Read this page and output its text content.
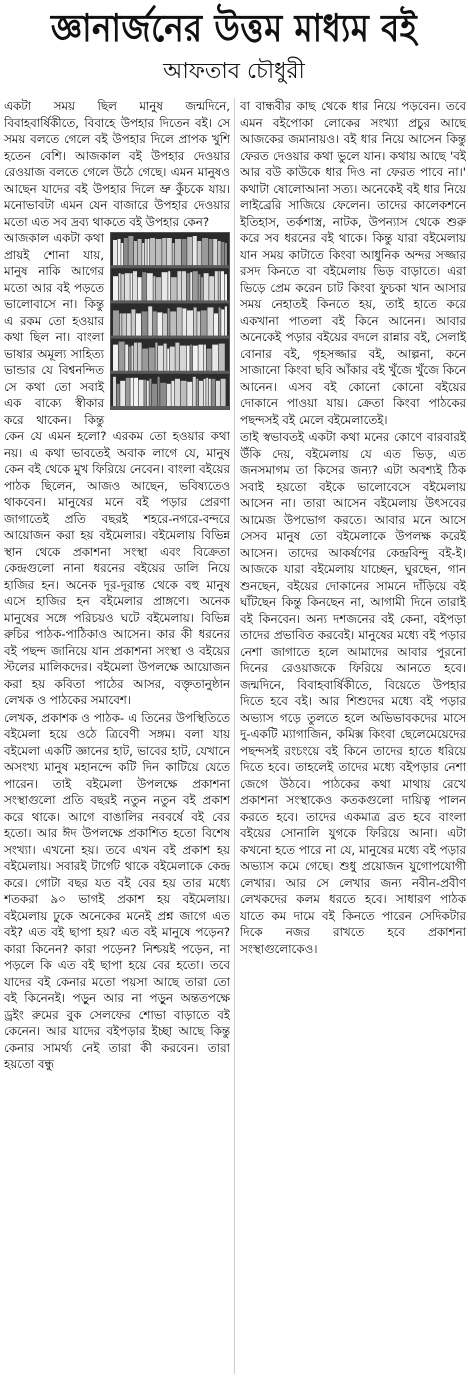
জ্ঞানার্জনের উত্তম মাধ্যম বই
আফতাব চৌধুরী

একটা সময় ছিল মানুষ জন্মদিনে, বিবাহবার্ষিকীতে, বিবাহে উপহার দিতেন বই। সে সময় বলতে গেলে বই উপহার দিলে প্রাপক খুশি হতেন বেশি। আজকাল বই উপহার দেওয়ার রেওয়াজ বলতে গেলে উঠে গেছে। এমন মানুষও আছেন যাদের বই উপহার দিলে ভ্রু কুঁচকে যায়। মনোভাবটা এমন যেন বাজারে উপহার দেওয়ার মতো এত সব দ্রব্য থাকতে বই উপহার কেন?

আজকাল একটা কথা প্রায়ই শোনা যায়, মানুষ নাকি আগের মতো আর বই পড়তে ভালোবাসে না। কিন্তু এ রকম তো হওয়ার কথা ছিল না। বাংলা ভাষার অমূল্য সাহিত্য ভান্ডার যে বিশ্বনন্দিত সে কথা তো সবাই এক বাক্যে স্বীকার করে থাকেন। কিন্তু কেন যে এমন হলো? এরকম তো হওয়ার কথা নয়। এ কথা ভাবতেই অবাক লাগে যে, মানুষ কেন বই থেকে মুখ ফিরিয়ে নেবেন। বাংলা বইয়ের পাঠক ছিলেন, আজও আছেন, ভবিষ্যতেও থাকবেন। মানুষের মনে বই পড়ার প্রেরণা জাগাতেই প্রতি বছরই শহরে-নগরে-বন্দরে আয়োজন করা হয় বইমেলার। বইমেলায় বিভিন্ন স্থান থেকে প্রকাশনা সংস্থা এবং বিক্রেতা কেন্দ্রগুলো নানা ধরনের বইয়ের ডালি নিয়ে হাজির হন। অনেক দূর-দূরান্ত থেকে বহু মানুষ এসে হাজির হন বইমেলার প্রাঙ্গণে। অনেক মানুষের সঙ্গে পরিচয়ও ঘটে বইমেলায়। বিভিন্ন রুচির পাঠক-পাঠিকাও আসেন। কার কী ধরনের বই পছন্দ জানিয়ে যান প্রকাশনা সংস্থা ও বইয়ের স্টলের মালিকদের। বইমেলা উপলক্ষে আয়োজন করা হয় কবিতা পাঠের আসর, বক্তৃতানুষ্ঠান লেখক ও পাঠকের সমাবেশ।

লেখক, প্রকাশক ও পাঠক- এ তিনের উপস্থিতিতে বইমেলা হয়ে ওঠে ত্রিবেণী সঙ্গম। বলা যায় বইমেলা একটি জ্ঞানের হাট, ভাবের হাট, যেখানে অসংখ্য মানুষ মহানন্দে কটি দিন কাটিয়ে যেতে পারেন। তাই বইমেলা উপলক্ষে প্রকাশনা সংস্থাগুলো প্রতি বছরই নতুন নতুন বই প্রকাশ করে থাকে। আগে বাঙালির নববর্ষে বই বের হতো। আর ঈদ উপলক্ষে প্রকাশিত হতো বিশেষ সংখ্যা। এখনো হয়। তবে এখন বই প্রকাশ হয় বইমেলায়। সবারই টার্গেট থাকে বইমেলাকে কেন্দ্র করে। গোটা বছর যত বই বের হয় তার মধ্যে শতকরা ৯০ ভাগই প্রকাশ হয় বইমেলায়। বইমেলায় ঢুকে অনেকের মনেই প্রশ্ন জাগে এত বই? এত বই ছাপা হয়? এত বই মানুষে পড়েন? কারা কিনেন? কারা পড়েন? নিশ্চয়ই পড়েন, না পড়লে কি এত বই ছাপা হয়ে বের হতো। তবে যাদের বই কেনার মতো পয়সা আছে তারা তো বই কিনেনই। পড়ুন আর না পড়ুন অন্ততপক্ষে ড্রইং রুমের বুক সেলফের শোভা বাড়াতে বই কেনেন। আর যাদের বইপড়ার ইচ্ছা আছে কিন্তু কেনার সামর্থ্য নেই তারা কী করবেন। তারা হয়তো বন্ধু

বা বান্ধবীর কাছ থেকে ধার নিয়ে পড়বেন। তবে এমন বইপোকা লোকের সংখ্যা প্রচুর আছে আজকের জমানায়ও। বই ধার নিয়ে আসেন কিন্তু ফেরত দেওয়ার কথা ভুলে যান। কথায় আছে 'বই আর বউ কাউকে ধার দিও না ফেরত পাবে না।' কথাটা ষোলোআনা সত্য। অনেকেই বই ধার নিয়ে লাইব্রেরি সাজিয়ে ফেলেন। তাদের কালেকশনে ইতিহাস, তর্কশাস্ত্র, নাটক, উপন্যাস থেকে শুরু করে সব ধরনের বই থাকে। কিন্তু যারা বইমেলায় যান সময় কাটাতে কিংবা আধুনিক অন্দর সজ্জার রসদ কিনতে বা বইমেলায় ভিড় বাড়াতে। এরা ভিড়ে প্রেম করেন চাট কিংবা ফুচকা খান আসার সময় নেহাতই কিনতে হয়, তাই হাতে করে একখানা পাতলা বই কিনে আনেন। আবার অনেকেই পড়ার বইয়ের বদলে রান্নার বই, সেলাই বোনার বই, গৃহসজ্জার বই, আল্পনা, কনে সাজানো কিংবা ছবি আঁকার বই খুঁজে খুঁজে কিনে আনেন। এসব বই কোনো কোনো বইয়ের দোকানে পাওয়া যায়। ক্রেতা কিংবা পাঠকের পছন্দসই বই মেলে বইমেলাতেই।

তাই স্বভাবতই একটা কথা মনের কোণে বারবারই উঁকি দেয়, বইমেলায় যে এত ভিড়, এত জনসমাগম তা কিসের জন্য? এটা অবশ্যই ঠিক সবাই হয়তো বইকে ভালোবেসে বইমেলায় আসেন না। তারা আসেন বইমেলায় উৎসবের আমেজ উপভোগ করতে। আবার মনে আসে সেসব মানুষ তো বইমেলাকে উপলক্ষ করেই আসেন। তাদের আকর্ষণের কেন্দ্রবিন্দু বই-ই। আজকে যারা বইমেলায় যাচ্ছেন, ঘুরছেন, গান শুনছেন, বইয়ের দোকানের সামনে দাঁড়িয়ে বই ঘাঁটছেন কিন্তু কিনছেন না, আগামী দিনে তারাই বই কিনবেন। অন্য দশজনের বই কেনা, বইপড়া তাদের প্রভাবিত করবেই। মানুষের মধ্যে বই পড়ার নেশা জাগাতে হলে আমাদের আবার পুরনো দিনের রেওয়াজকে ফিরিয়ে আনতে হবে। জন্মদিনে, বিবাহবার্ষিকীতে, বিয়েতে উপহার দিতে হবে বই। আর শিশুদের মধ্যে বই পড়ার অভ্যাস গড়ে তুলতে হলে অভিভাবকদের মাসে দু-একটি ম্যাগাজিন, কমিক্স কিংবা ছেলেমেয়েদের পছন্দসই রংচংয়ে বই কিনে তাদের হাতে ধরিয়ে দিতে হবে। তাহলেই তাদের মধ্যে বইপড়ার নেশা জেগে উঠবে। পাঠকের কথা মাথায় রেখে প্রকাশনা সংস্থাকেও কতকগুলো দায়িত্ব পালন করতে হবে। তাদের একমাত্র ব্রত হবে বাংলা বইয়ের সোনালি যুগকে ফিরিয়ে আনা। এটা কখনো হতে পারে না যে, মানুষের মধ্যে বই পড়ার অভ্যাস কমে গেছে। শুধু প্রয়োজন যুগোপযোগী লেখার। আর সে লেখার জন্য নবীন-প্রবীণ লেখকদের কলম ধরতে হবে। সাধারণ পাঠক যাতে কম দামে বই কিনতে পারেন সেদিকটার দিকে নজর রাখতে হবে প্রকাশনা সংস্থাগুলোকেও।
